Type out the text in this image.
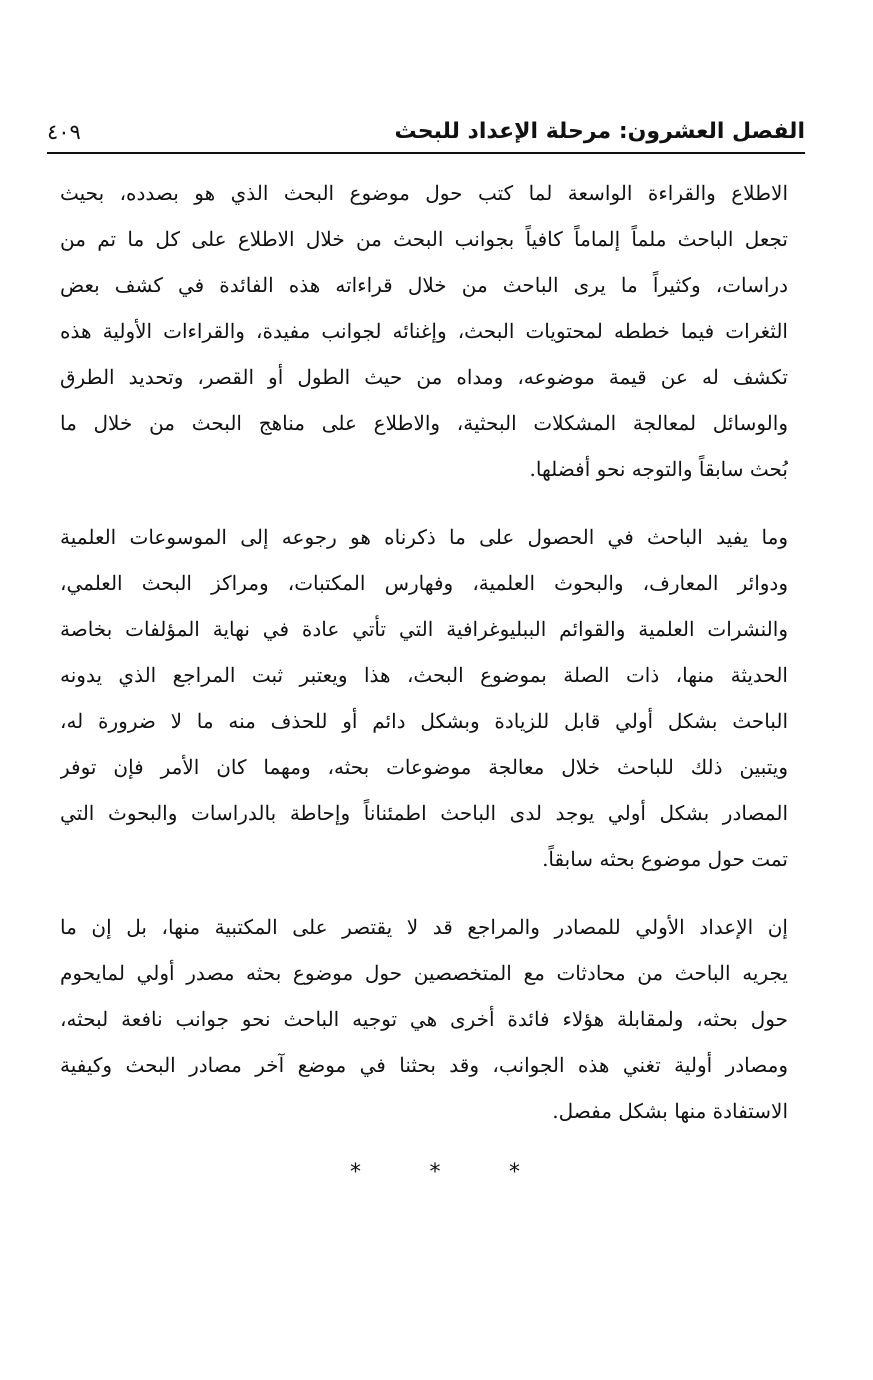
الفصل العشرون: مرحلة الإعداد للبحث
٤٠٩

الاطلاع والقراءة الواسعة لما كتب حول موضوع البحث الذي هو بصدده، بحيث
تجعل الباحث ملماً إلماماً كافياً بجوانب البحث من خلال الاطلاع على كل ما تم من
دراسات، وكثيراً ما يرى الباحث من خلال قراءاته هذه الفائدة في كشف بعض
الثغرات فيما خططه لمحتويات البحث، وإغنائه لجوانب مفيدة، والقراءات الأولية هذه
تكشف له عن قيمة موضوعه، ومداه من حيث الطول أو القصر، وتحديد الطرق
والوسائل لمعالجة المشكلات البحثية، والاطلاع على مناهج البحث من خلال ما
بُحث سابقاً والتوجه نحو أفضلها.

وما يفيد الباحث في الحصول على ما ذكرناه هو رجوعه إلى الموسوعات العلمية
ودوائر المعارف، والبحوث العلمية، وفهارس المكتبات، ومراكز البحث العلمي،
والنشرات العلمية والقوائم الببليوغرافية التي تأتي عادة في نهاية المؤلفات بخاصة
الحديثة منها، ذات الصلة بموضوع البحث، هذا ويعتبر ثبت المراجع الذي يدونه
الباحث بشكل أولي قابل للزيادة وبشكل دائم أو للحذف منه ما لا ضرورة له،
ويتبين ذلك للباحث خلال معالجة موضوعات بحثه، ومهما كان الأمر فإن توفر
المصادر بشكل أولي يوجد لدى الباحث اطمئناناً وإحاطة بالدراسات والبحوث التي
تمت حول موضوع بحثه سابقاً.

إن الإعداد الأولي للمصادر والمراجع قد لا يقتصر على المكتبية منها، بل إن ما
يجريه الباحث من محادثات مع المتخصصين حول موضوع بحثه مصدر أولي لمايحوم
حول بحثه، ولمقابلة هؤلاء فائدة أخرى هي توجيه الباحث نحو جوانب نافعة لبحثه،
ومصادر أولية تغني هذه الجوانب، وقد بحثنا في موضع آخر مصادر البحث وكيفية
الاستفادة منها بشكل مفصل.

*	*	*
